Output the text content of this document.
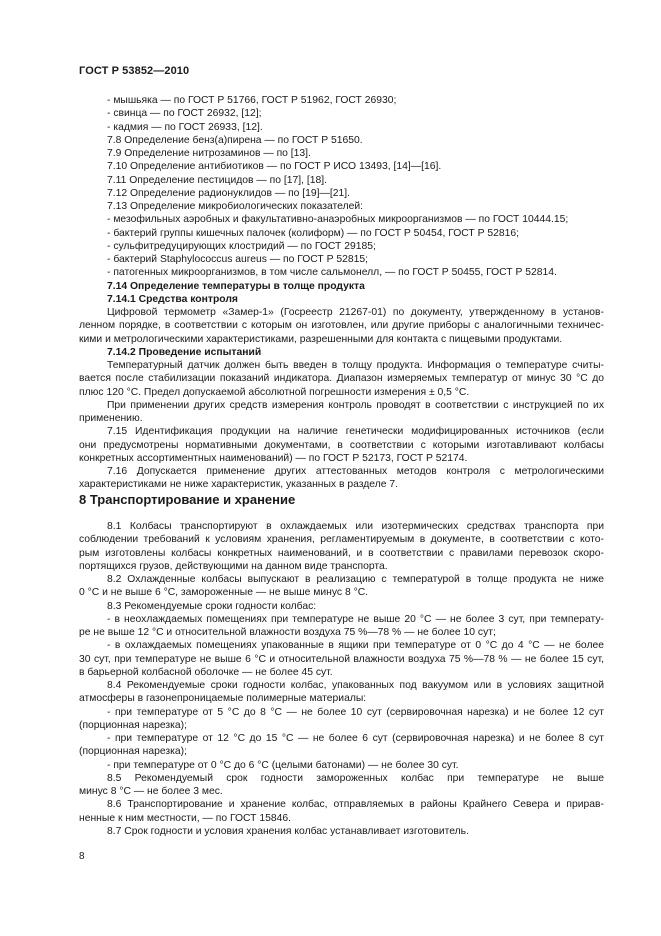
ГОСТ Р 53852—2010
- мышьяка — по ГОСТ Р 51766, ГОСТ Р 51962, ГОСТ 26930;
- свинца — по ГОСТ 26932, [12];
- кадмия — по ГОСТ 26933, [12].
7.8 Определение бенз(а)пирена — по ГОСТ Р 51650.
7.9 Определение нитрозаминов — по [13].
7.10 Определение антибиотиков — по ГОСТ Р ИСО 13493, [14]—[16].
7.11 Определение пестицидов — по [17], [18].
7.12 Определение радионуклидов — по [19]—[21].
7.13 Определение микробиологических показателей:
- мезофильных аэробных и факультативно-анаэробных микроорганизмов — по ГОСТ 10444.15;
- бактерий группы кишечных палочек (колиформ) — по ГОСТ Р 50454, ГОСТ Р 52816;
- сульфитредуцирующих клостридий — по ГОСТ 29185;
- бактерий Staphylococcus aureus — по ГОСТ Р 52815;
- патогенных микроорганизмов, в том числе сальмонелл, — по ГОСТ Р 50455, ГОСТ Р 52814.
7.14 Определение температуры в толще продукта
7.14.1 Средства контроля
Цифровой термометр «Замер-1» (Госреестр 21267-01) по документу, утвержденному в установ-
ленном порядке, в соответствии с которым он изготовлен, или другие приборы с аналогичными техничес-
кими и метрологическими характеристиками, разрешенными для контакта с пищевыми продуктами.
7.14.2 Проведение испытаний
Температурный датчик должен быть введен в толщу продукта. Информация о температуре считы-
вается после стабилизации показаний индикатора. Диапазон измеряемых температур от минус 30 °С до
плюс 120 °С. Предел допускаемой абсолютной погрешности измерения ± 0,5 °С.
При применении других средств измерения контроль проводят в соответствии с инструкцией по их
применению.
7.15 Идентификация продукции на наличие генетически модифицированных источников (если
они предусмотрены нормативными документами, в соответствии с которыми изготавливают колбасы
конкретных ассортиментных наименований) — по ГОСТ Р 52173, ГОСТ Р 52174.
7.16 Допускается применение других аттестованных методов контроля с метрологическими
характеристиками не ниже характеристик, указанных в разделе 7.
8 Транспортирование и хранение
8.1 Колбасы транспортируют в охлаждаемых или изотермических средствах транспорта при
соблюдении требований к условиям хранения, регламентируемым в документе, в соответствии с кото-
рым изготовлены колбасы конкретных наименований, и в соответствии с правилами перевозок скоро-
портящихся грузов, действующими на данном виде транспорта.
8.2 Охлажденные колбасы выпускают в реализацию с температурой в толще продукта не ниже
0 °С и не выше 6 °С, замороженные — не выше минус 8 °С.
8.3 Рекомендуемые сроки годности колбас:
- в неохлаждаемых помещениях при температуре не выше 20 °С — не более 3 сут, при температу-
ре не выше 12 °С и относительной влажности воздуха 75 %—78 % — не более 10 сут;
- в охлаждаемых помещениях упакованные в ящики при температуре от 0 °С до 4 °С — не более
30 сут, при температуре не выше 6 °С и относительной влажности воздуха 75 %—78 % — не более 15 сут,
в барьерной колбасной оболочке — не более 45 сут.
8.4 Рекомендуемые сроки годности колбас, упакованных под вакуумом или в условиях защитной
атмосферы в газонепроницаемые полимерные материалы:
- при температуре от 5 °С до 8 °С — не более 10 сут (сервировочная нарезка) и не более 12 сут
(порционная нарезка);
- при температуре от 12 °С до 15 °С — не более 6 сут (сервировочная нарезка) и не более 8 сут
(порционная нарезка);
- при температуре от 0 °С до 6 °С (целыми батонами) — не более 30 сут.
8.5 Рекомендуемый срок годности замороженных колбас при температуре не выше
минус 8 °С — не более 3 мес.
8.6 Транспортирование и хранение колбас, отправляемых в районы Крайнего Севера и прирав-
ненные к ним местности, — по ГОСТ 15846.
8.7 Срок годности и условия хранения колбас устанавливает изготовитель.
8
